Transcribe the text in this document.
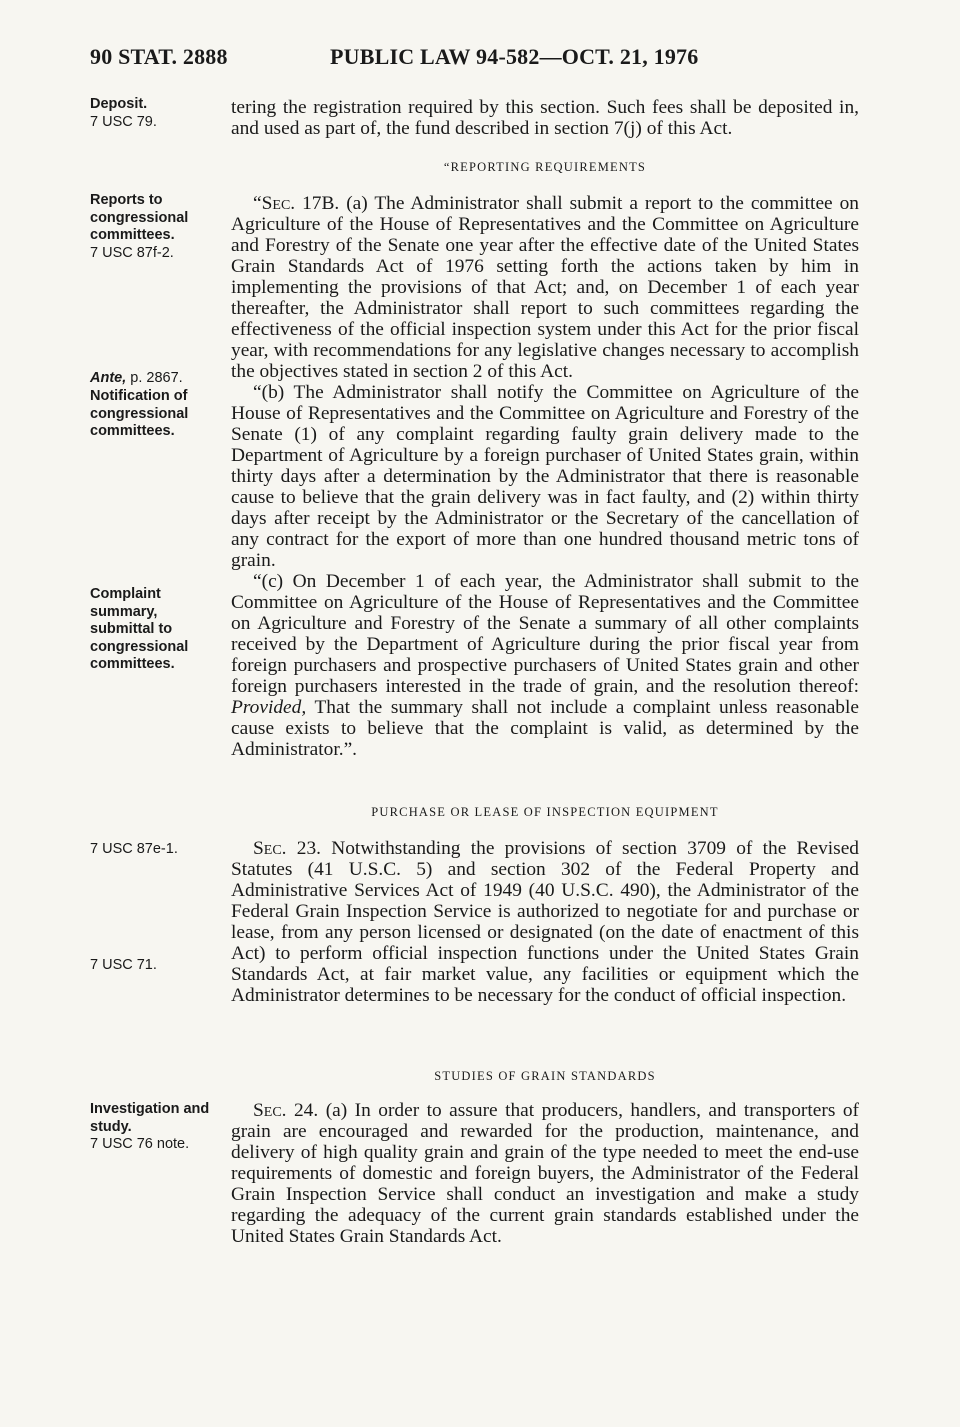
90 STAT. 2888	PUBLIC LAW 94-582—OCT. 21, 1976
Deposit.
7 USC 79.
Reports to congressional committees.
7 USC 87f-2.
Ante, p. 2867.
Notification of congressional committees.
Complaint summary, submittal to congressional committees.
7 USC 87e-1.
7 USC 71.
Investigation and study.
7 USC 76 note.

tering the registration required by this section. Such fees shall be deposited in, and used as part of, the fund described in section 7(j) of this Act.

“REPORTING REQUIREMENTS

“Sec. 17B. (a) The Administrator shall submit a report to the committee on Agriculture of the House of Representatives and the Committee on Agriculture and Forestry of the Senate one year after the effective date of the United States Grain Standards Act of 1976 setting forth the actions taken by him in implementing the provisions of that Act; and, on December 1 of each year thereafter, the Administrator shall report to such committees regarding the effectiveness of the official inspection system under this Act for the prior fiscal year, with recommendations for any legislative changes necessary to accomplish the objectives stated in section 2 of this Act.

“(b) The Administrator shall notify the Committee on Agriculture of the House of Representatives and the Committee on Agriculture and Forestry of the Senate (1) of any complaint regarding faulty grain delivery made to the Department of Agriculture by a foreign purchaser of United States grain, within thirty days after a determination by the Administrator that there is reasonable cause to believe that the grain delivery was in fact faulty, and (2) within thirty days after receipt by the Administrator or the Secretary of the cancellation of any contract for the export of more than one hundred thousand metric tons of grain.

“(c) On December 1 of each year, the Administrator shall submit to the Committee on Agriculture of the House of Representatives and the Committee on Agriculture and Forestry of the Senate a summary of all other complaints received by the Department of Agriculture during the prior fiscal year from foreign purchasers and prospective purchasers of United States grain and other foreign purchasers interested in the trade of grain, and the resolution thereof: Provided, That the summary shall not include a complaint unless reasonable cause exists to believe that the complaint is valid, as determined by the Administrator.”.

PURCHASE OR LEASE OF INSPECTION EQUIPMENT

Sec. 23. Notwithstanding the provisions of section 3709 of the Revised Statutes (41 U.S.C. 5) and section 302 of the Federal Property and Administrative Services Act of 1949 (40 U.S.C. 490), the Administrator of the Federal Grain Inspection Service is authorized to negotiate for and purchase or lease, from any person licensed or designated (on the date of enactment of this Act) to perform official inspection functions under the United States Grain Standards Act, at fair market value, any facilities or equipment which the Administrator determines to be necessary for the conduct of official inspection.

STUDIES OF GRAIN STANDARDS

Sec. 24. (a) In order to assure that producers, handlers, and transporters of grain are encouraged and rewarded for the production, maintenance, and delivery of high quality grain and grain of the type needed to meet the end-use requirements of domestic and foreign buyers, the Administrator of the Federal Grain Inspection Service shall conduct an investigation and make a study regarding the adequacy of the current grain standards established under the United States Grain Standards Act.
